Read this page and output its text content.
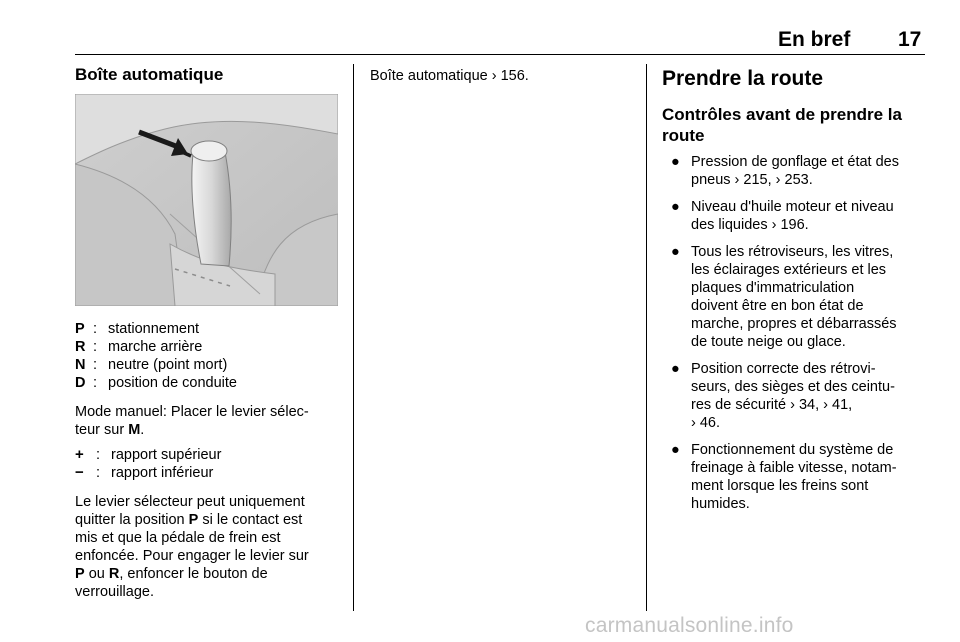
En bref 17
Boîte automatique
P : stationnement
R : marche arrière
N : neutre (point mort)
D : position de conduite

Mode manuel: Placer le levier sélec-
teur sur M.

+ : rapport supérieur
− : rapport inférieur

Le levier sélecteur peut uniquement
quitter la position P si le contact est
mis et que la pédale de frein est
enfoncée. Pour engager le levier sur
P ou R, enfoncer le bouton de
verrouillage.

Boîte automatique › 156.	Prendre la route
Contrôles avant de prendre la
route
● Pression de gonflage et état des
pneus › 215, › 253.
● Niveau d'huile moteur et niveau
des liquides › 196.
● Tous les rétroviseurs, les vitres,
les éclairages extérieurs et les
plaques d'immatriculation
doivent être en bon état de
marche, propres et débarrassés
de toute neige ou glace.
● Position correcte des rétrovi-
seurs, des sièges et des ceintu-
res de sécurité › 34, › 41,
› 46.
● Fonctionnement du système de
freinage à faible vitesse, notam-
ment lorsque les freins sont
humides.
carmanualsonline.info
